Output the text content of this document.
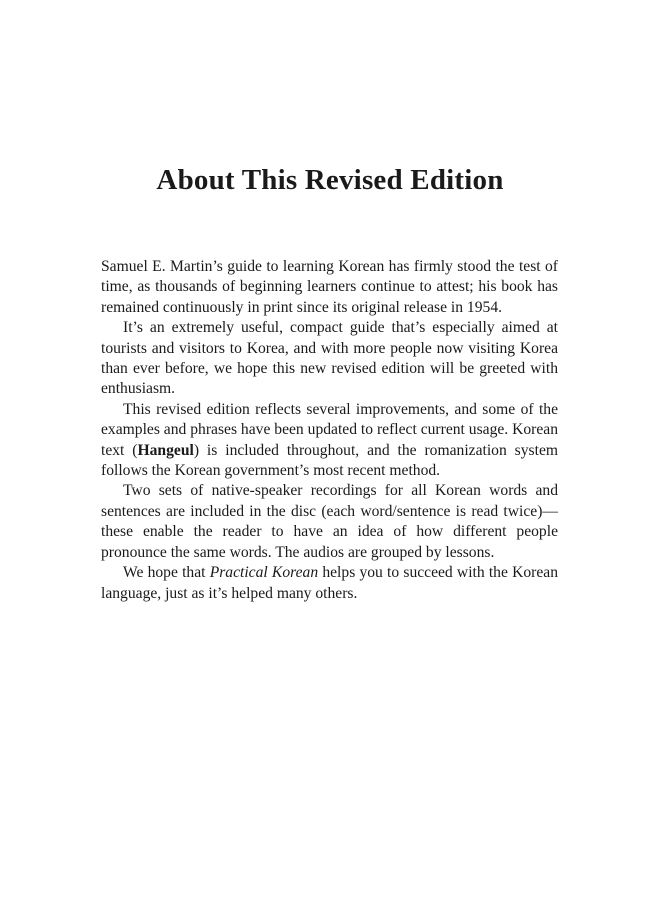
About This Revised Edition

Samuel E. Martin’s guide to learning Korean has firmly stood the test of time, as thousands of beginning learners continue to attest; his book has remained continuously in print since its original release in 1954.

It’s an extremely useful, compact guide that’s especially aimed at tourists and visitors to Korea, and with more people now visiting Korea than ever before, we hope this new revised edition will be greeted with enthusiasm.

This revised edition reflects several improvements, and some of the examples and phrases have been updated to reflect current usage. Korean text (Hangeul) is included throughout, and the romanization system follows the Korean government’s most recent method.

Two sets of native-speaker recordings for all Korean words and sentences are included in the disc (each word/sentence is read twice)—these enable the reader to have an idea of how different people pronounce the same words. The audios are grouped by lessons.

We hope that Practical Korean helps you to succeed with the Korean language, just as it’s helped many others.
